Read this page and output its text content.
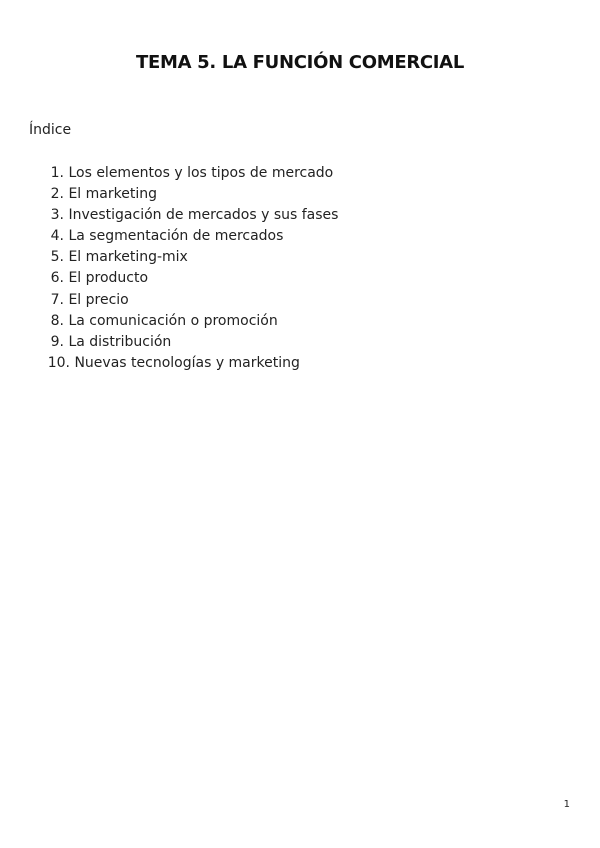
TEMA 5. LA FUNCIÓN COMERCIAL
Índice
1. Los elementos y los tipos de mercado
2. El marketing
3. Investigación de mercados y sus fases
4. La segmentación de mercados
5. El marketing-mix
6. El producto
7. El precio
8. La comunicación o promoción
9. La distribución
10. Nuevas tecnologías y marketing
1
